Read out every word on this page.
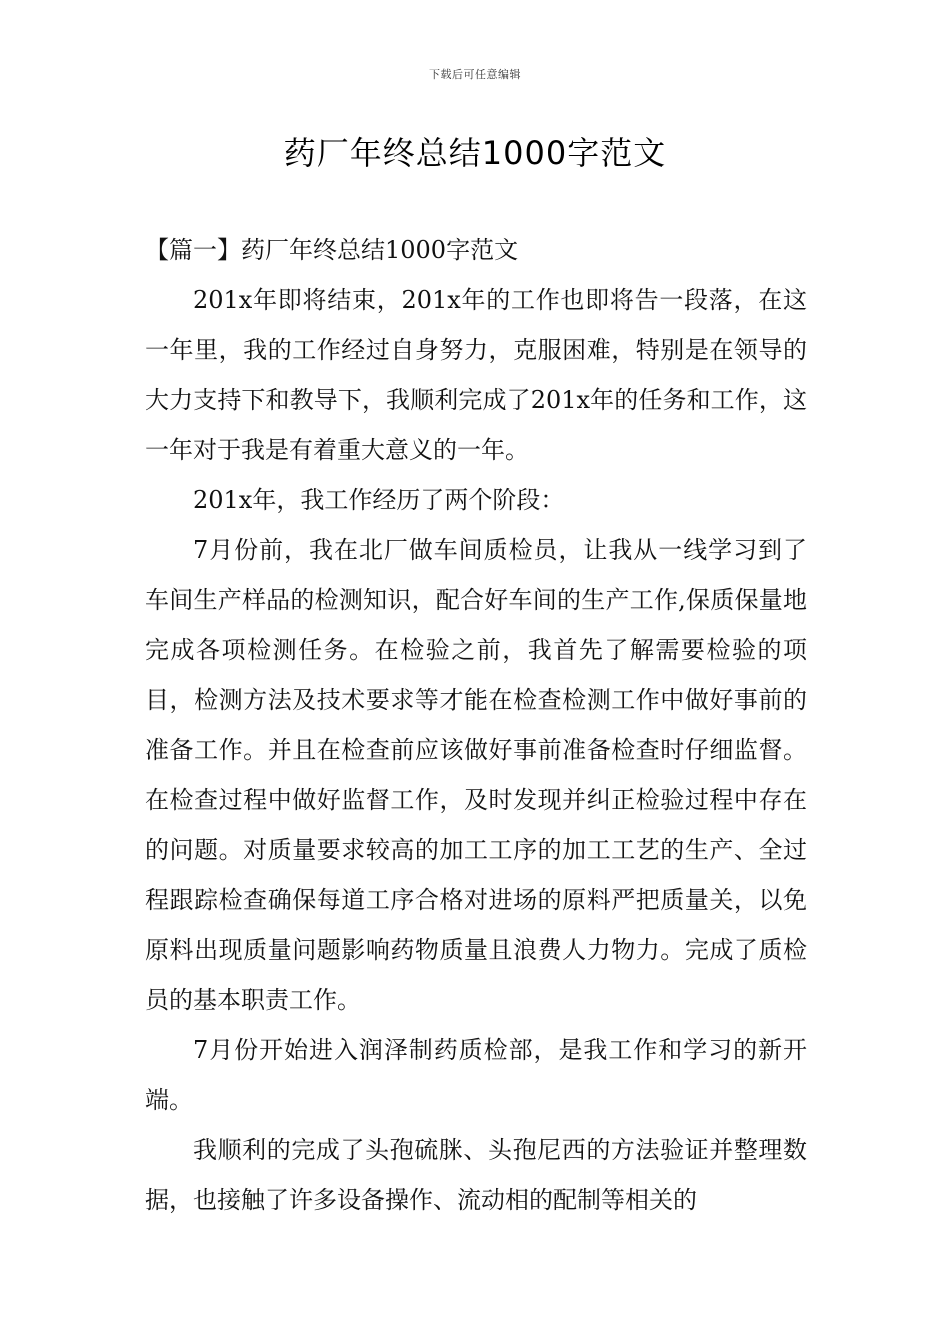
下载后可任意编辑
药厂年终总结1000字范文

【篇一】药厂年终总结1000字范文

201x年即将结束，201x年的工作也即将告一段落，在这一年里，我的工作经过自身努力，克服困难，特别是在领导的大力支持下和教导下，我顺利完成了201x年的任务和工作，这一年对于我是有着重大意义的一年。

201x年，我工作经历了两个阶段：

7月份前，我在北厂做车间质检员，让我从一线学习到了车间生产样品的检测知识，配合好车间的生产工作,保质保量地完成各项检测任务。在检验之前，我首先了解需要检验的项目，检测方法及技术要求等才能在检查检测工作中做好事前的准备工作。并且在检查前应该做好事前准备检查时仔细监督。在检查过程中做好监督工作，及时发现并纠正检验过程中存在的问题。对质量要求较高的加工工序的加工工艺的生产、全过程跟踪检查确保每道工序合格对进场的原料严把质量关，以免原料出现质量问题影响药物质量且浪费人力物力。完成了质检员的基本职责工作。

7月份开始进入润泽制药质检部，是我工作和学习的新开端。

我顺利的完成了头孢硫脒、头孢尼西的方法验证并整理数据，也接触了许多设备操作、流动相的配制等相关的
